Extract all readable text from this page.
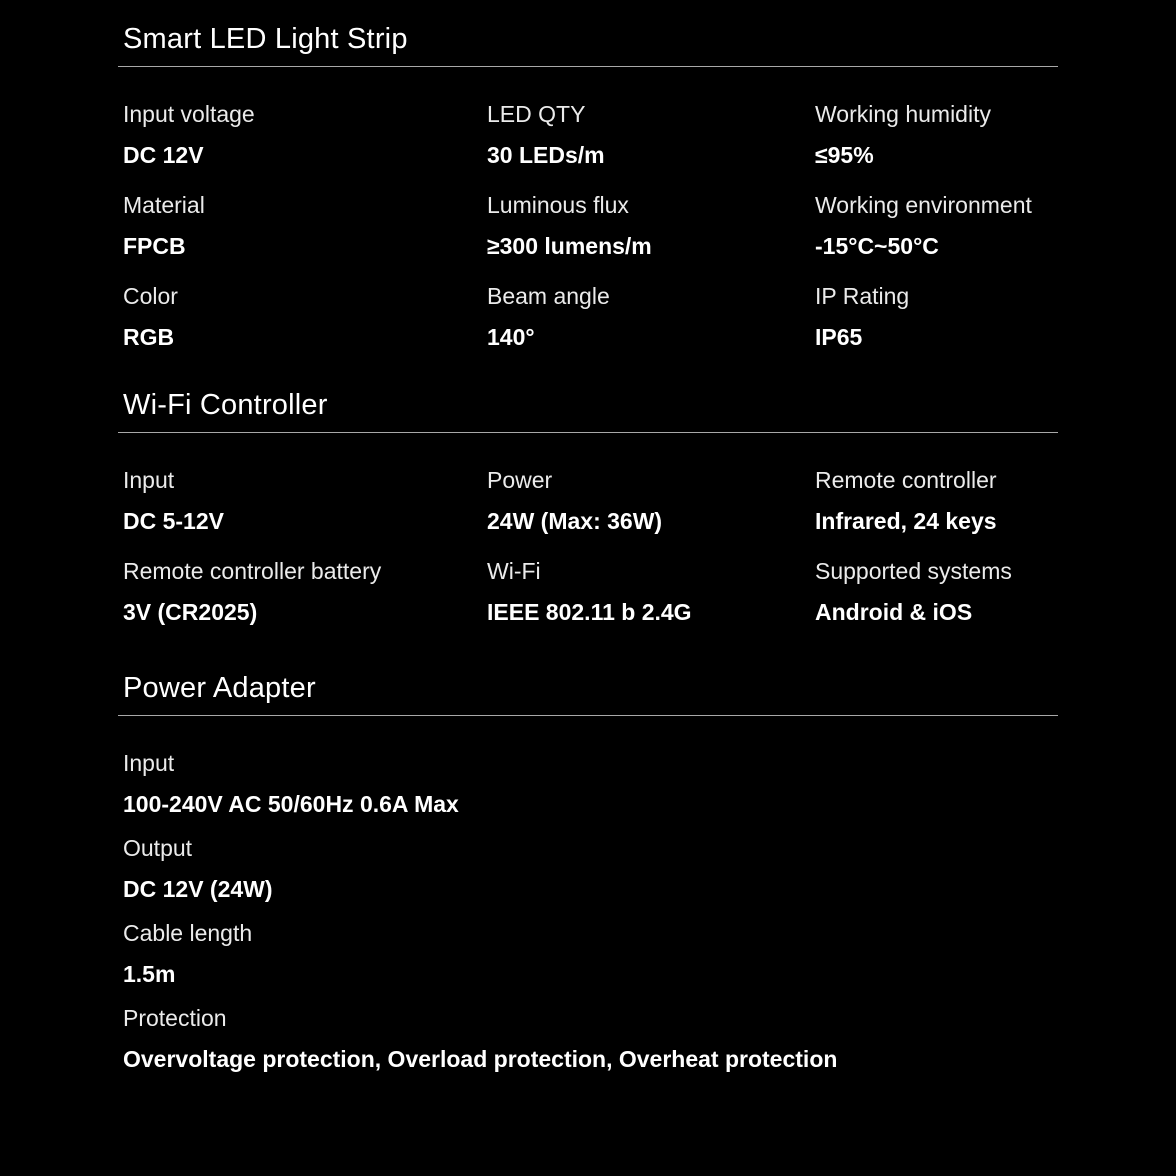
Smart LED Light Strip
Input voltage
DC 12V
LED QTY
30 LEDs/m
Working humidity
≤95%
Material
FPCB
Luminous flux
≥300 lumens/m
Working environment
-15°C~50°C
Color
RGB
Beam angle
140°
IP Rating
IP65
Wi-Fi Controller
Input
DC 5-12V
Power
24W (Max: 36W)
Remote controller
Infrared, 24 keys
Remote controller battery
3V (CR2025)
Wi-Fi
IEEE 802.11 b 2.4G
Supported systems
Android & iOS
Power Adapter
Input
100-240V AC 50/60Hz 0.6A Max
Output
DC 12V (24W)
Cable length
1.5m
Protection
Overvoltage protection, Overload protection, Overheat protection
